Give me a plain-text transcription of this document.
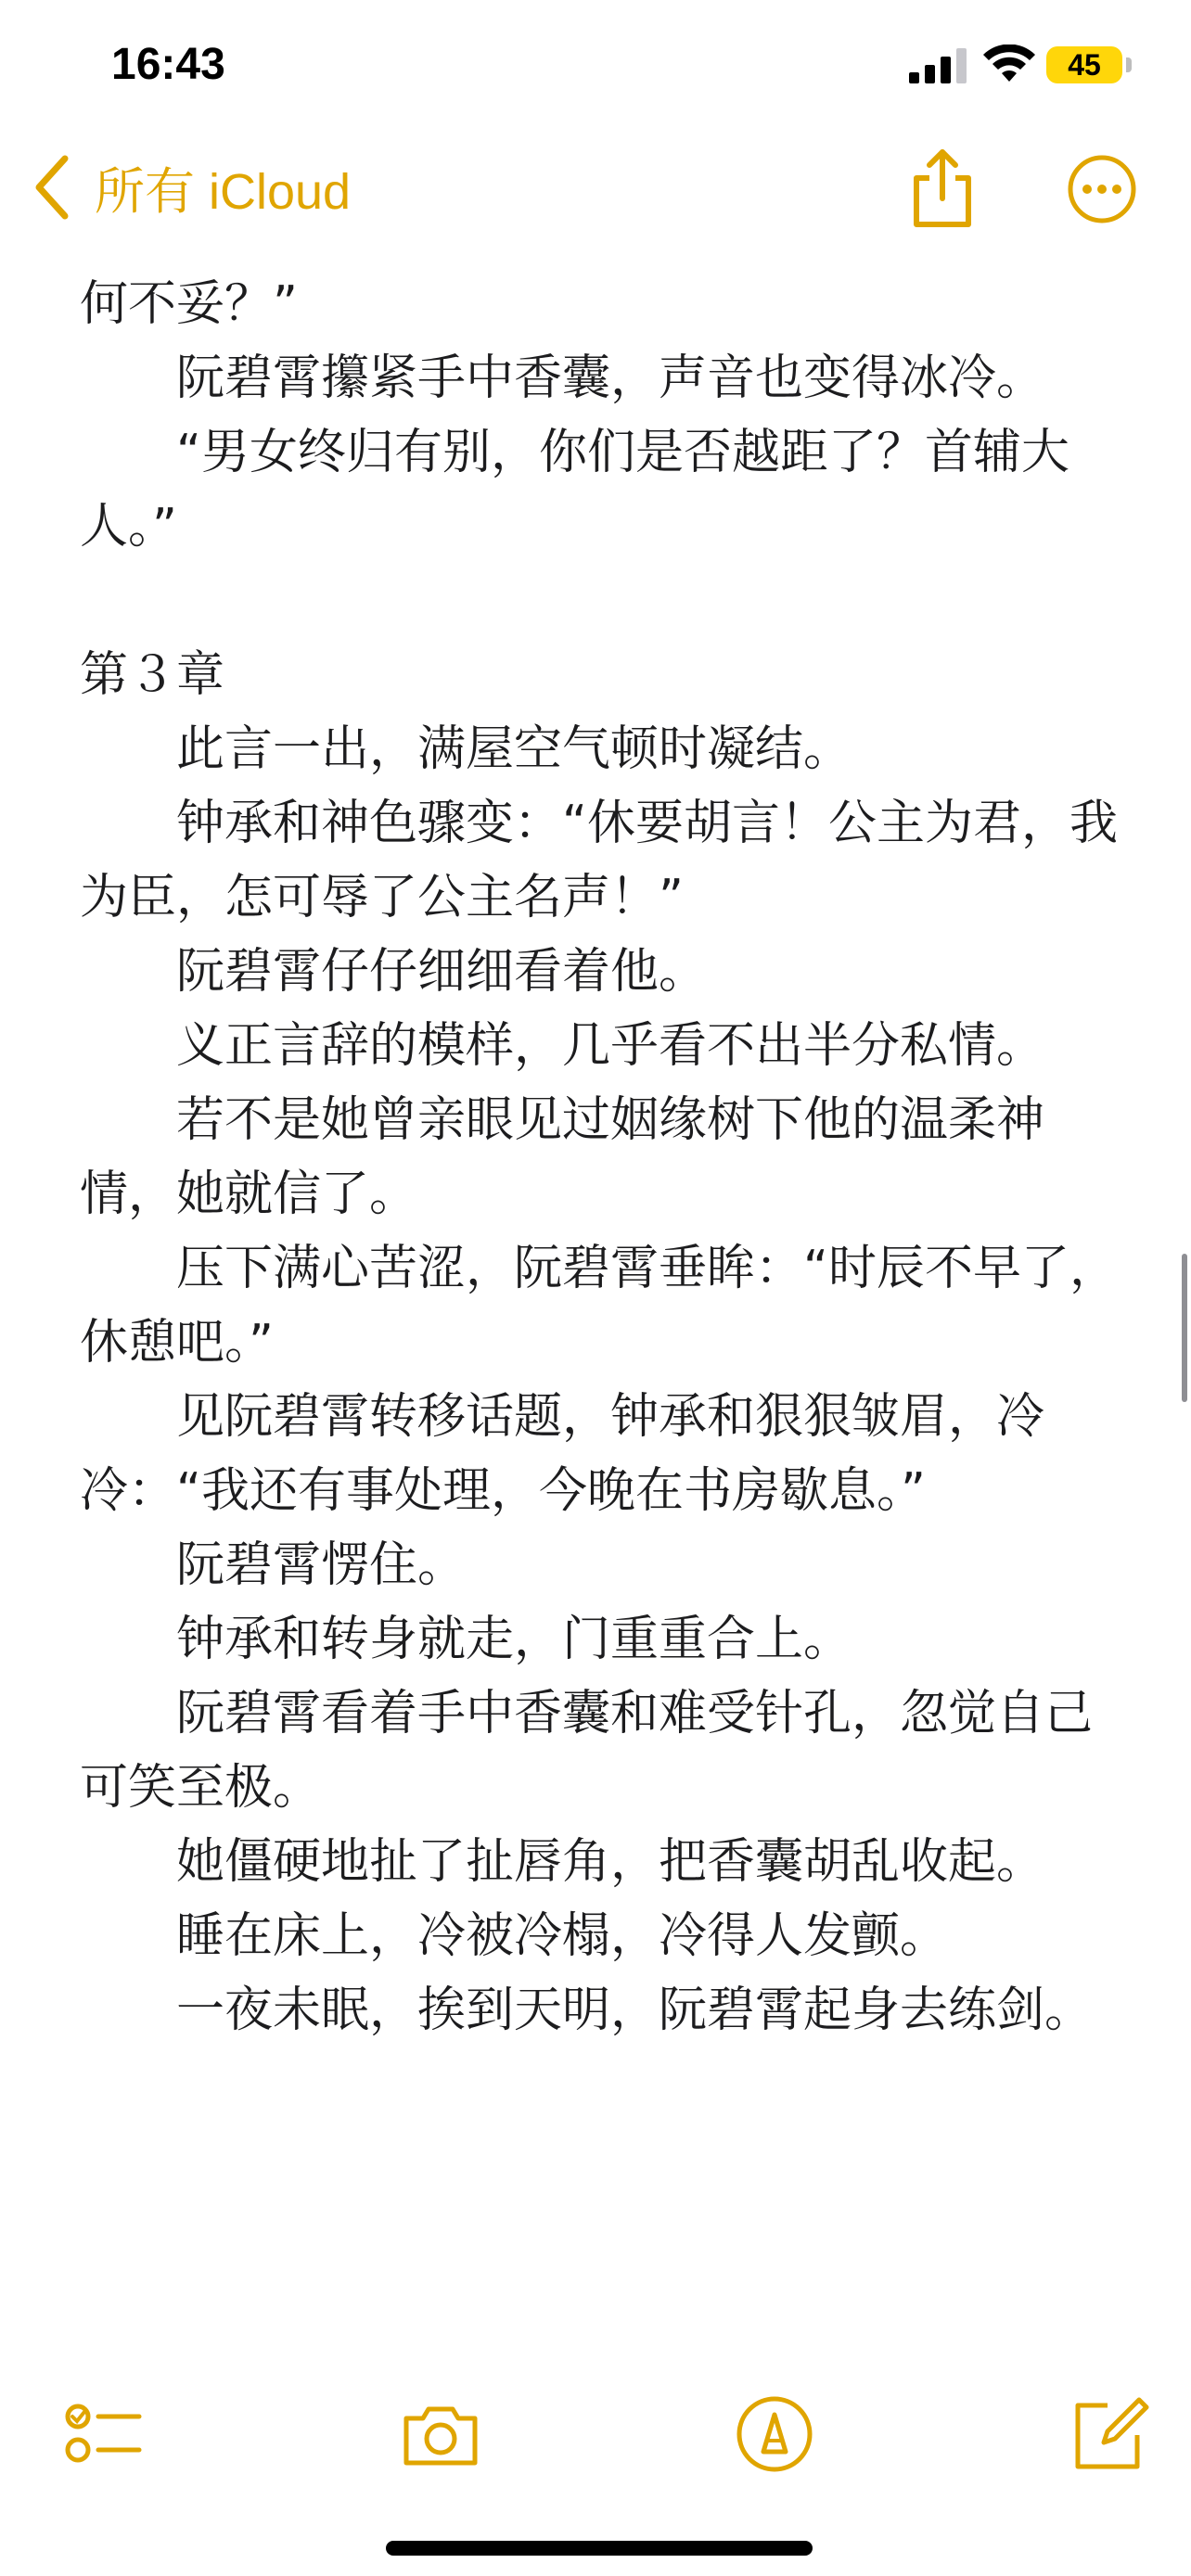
16:43	45
所有 iCloud

何不妥？”

阮碧霄攥紧手中香囊，声音也变得冰冷。

“男女终归有别，你们是否越距了？首辅大人。”

第３章

此言一出，满屋空气顿时凝结。

钟承和神色骤变：“休要胡言！公主为君，我为臣，怎可辱了公主名声！”

阮碧霄仔仔细细看着他。

义正言辞的模样，几乎看不出半分私情。

若不是她曾亲眼见过姻缘树下他的温柔神情，她就信了。

压下满心苦涩，阮碧霄垂眸：“时辰不早了，休憩吧。”

见阮碧霄转移话题，钟承和狠狠皱眉，冷冷：“我还有事处理，今晚在书房歇息。”

阮碧霄愣住。

钟承和转身就走，门重重合上。

阮碧霄看着手中香囊和难受针孔，忽觉自己可笑至极。

她僵硬地扯了扯唇角，把香囊胡乱收起。

睡在床上，冷被冷榻，冷得人发颤。

一夜未眠，挨到天明，阮碧霄起身去练剑。
